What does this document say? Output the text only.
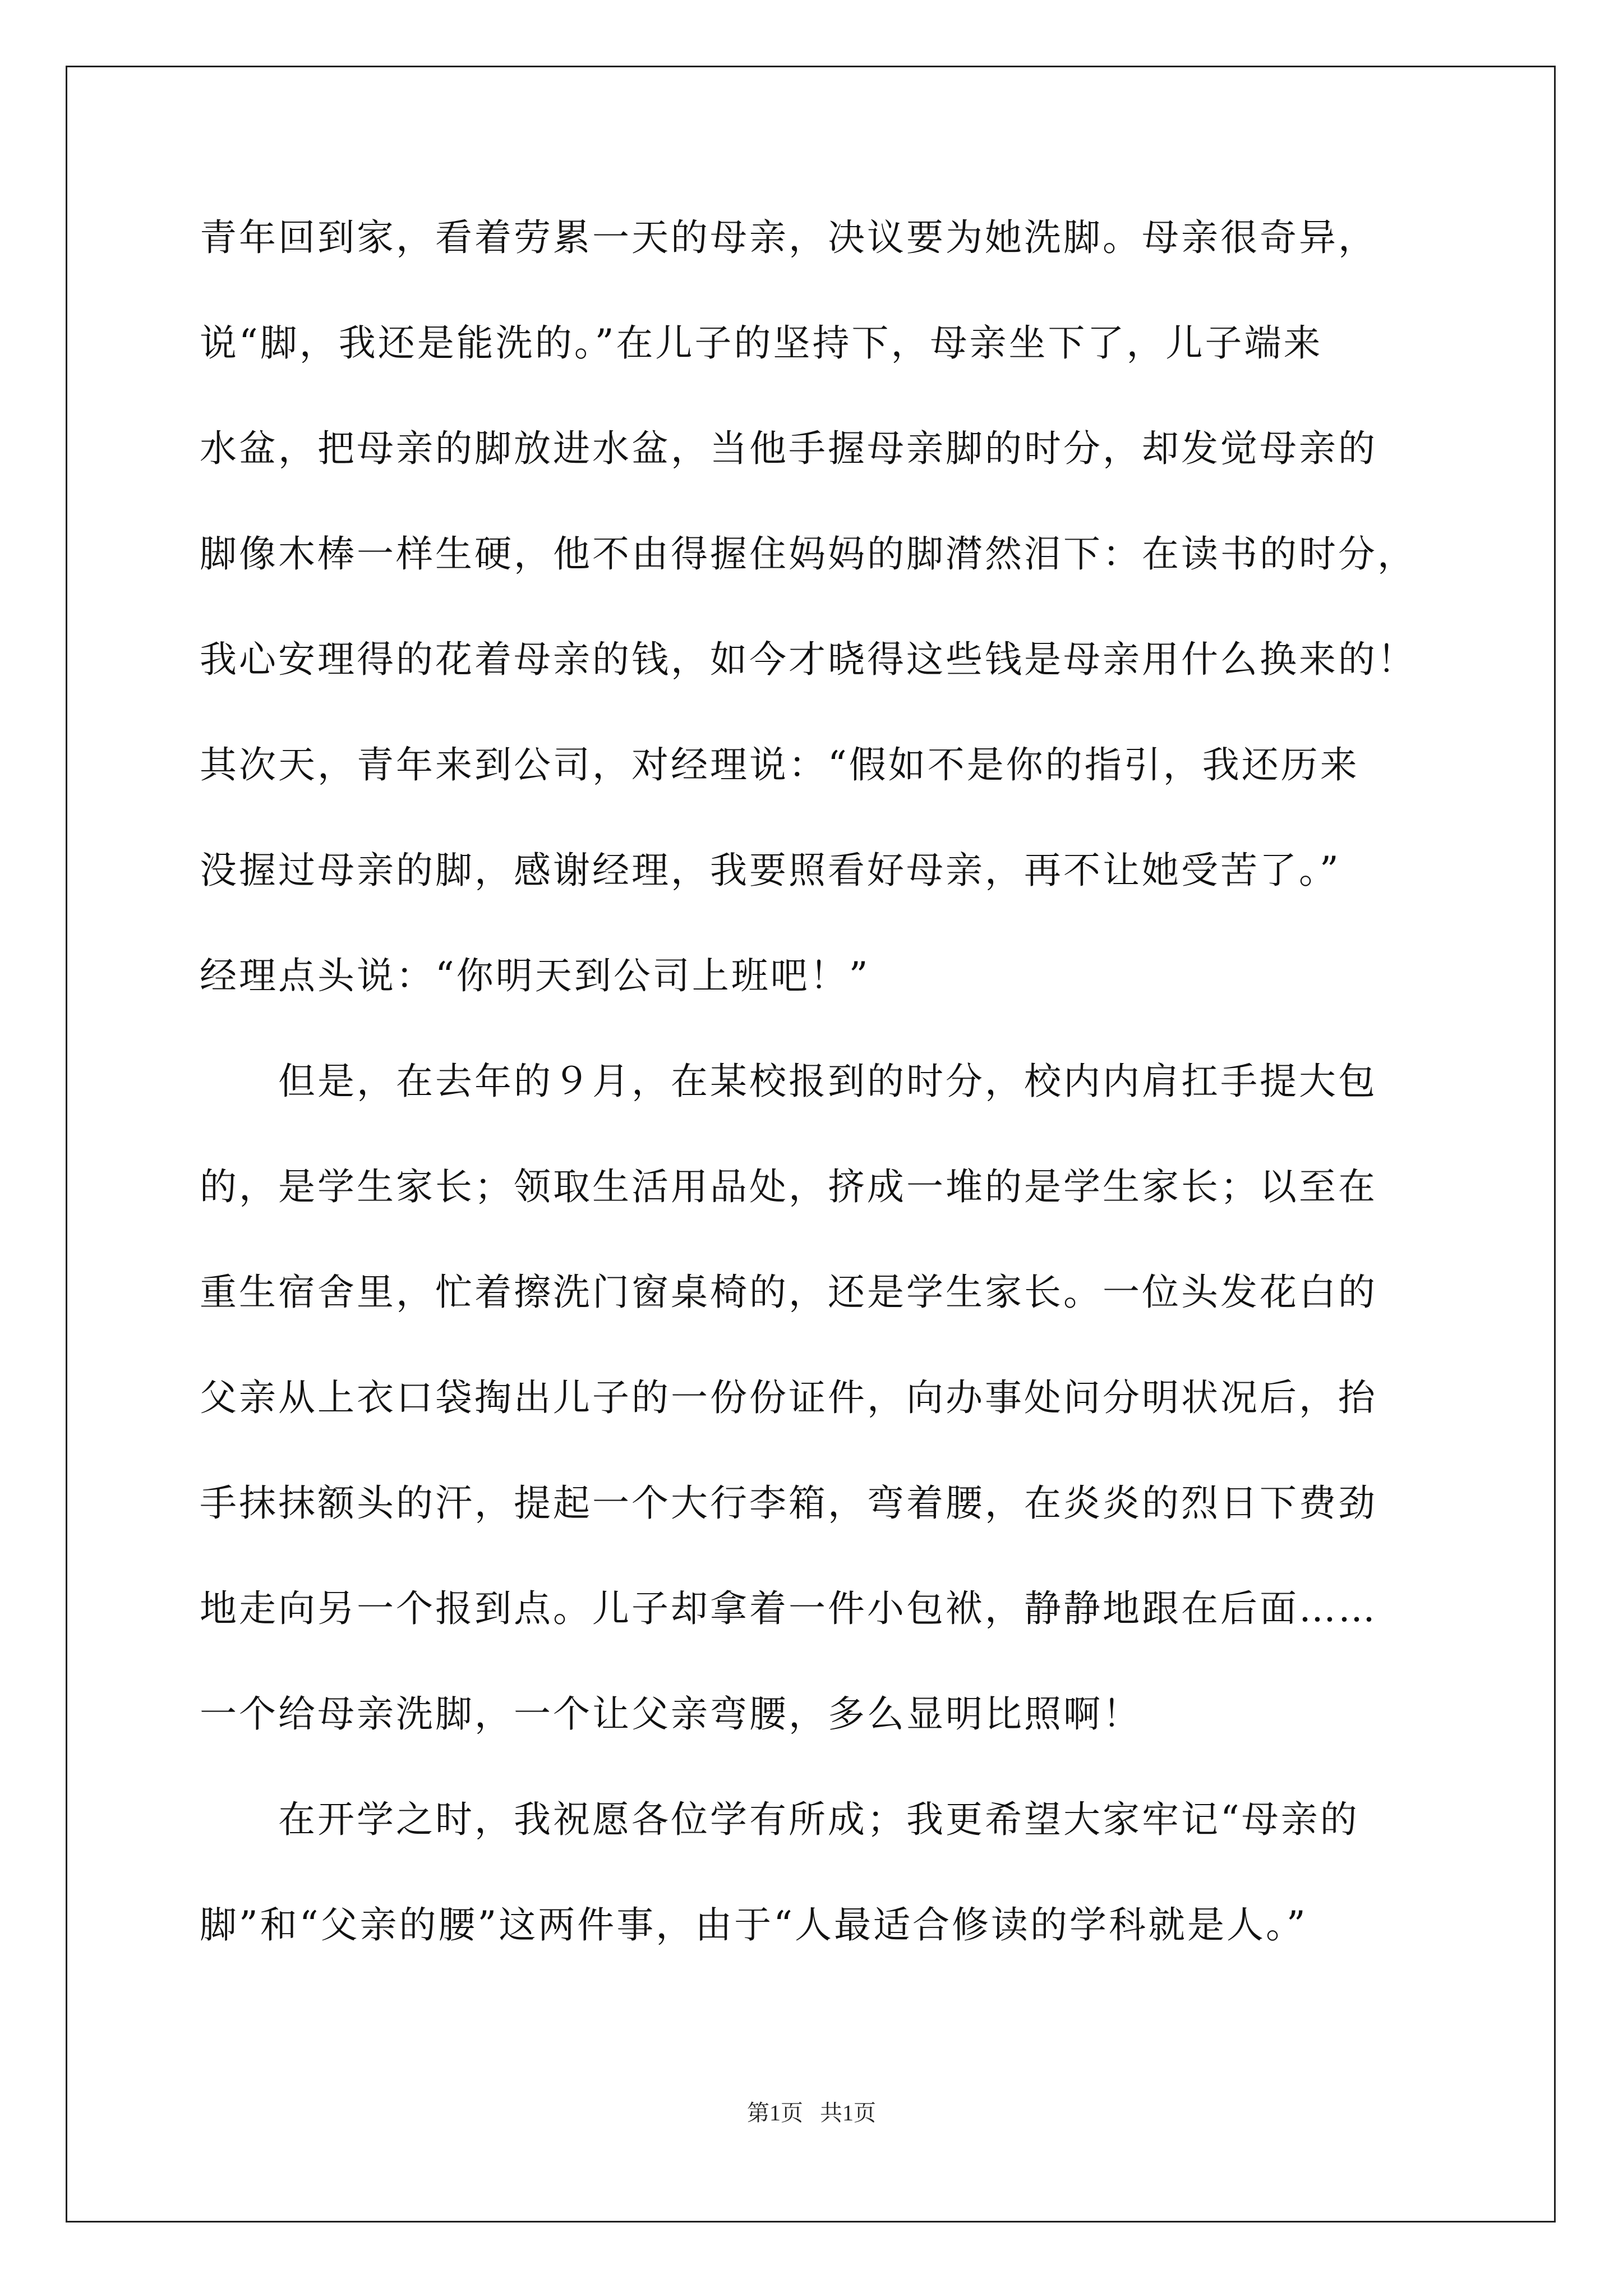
青年回到家，看着劳累一天的母亲，决议要为她洗脚。母亲很奇异，
说“脚，我还是能洗的。”在儿子的坚持下，母亲坐下了，儿子端来
水盆，把母亲的脚放进水盆，当他手握母亲脚的时分，却发觉母亲的
脚像木棒一样生硬，他不由得握住妈妈的脚潸然泪下：在读书的时分，
我心安理得的花着母亲的钱，如今才晓得这些钱是母亲用什么换来的！
其次天，青年来到公司，对经理说：“假如不是你的指引，我还历来
没握过母亲的脚，感谢经理，我要照看好母亲，再不让她受苦了。”
经理点头说：“你明天到公司上班吧！”
　　但是，在去年的９月，在某校报到的时分，校内内肩扛手提大包
的，是学生家长；领取生活用品处，挤成一堆的是学生家长；以至在
重生宿舍里，忙着擦洗门窗桌椅的，还是学生家长。一位头发花白的
父亲从上衣口袋掏出儿子的一份份证件，向办事处问分明状况后，抬
手抹抹额头的汗，提起一个大行李箱，弯着腰，在炎炎的烈日下费劲
地走向另一个报到点。儿子却拿着一件小包袱，静静地跟在后面……
一个给母亲洗脚，一个让父亲弯腰，多么显明比照啊！
　　在开学之时，我祝愿各位学有所成；我更希望大家牢记“母亲的
脚”和“父亲的腰”这两件事，由于“人最适合修读的学科就是人。”
第1页 共1页
